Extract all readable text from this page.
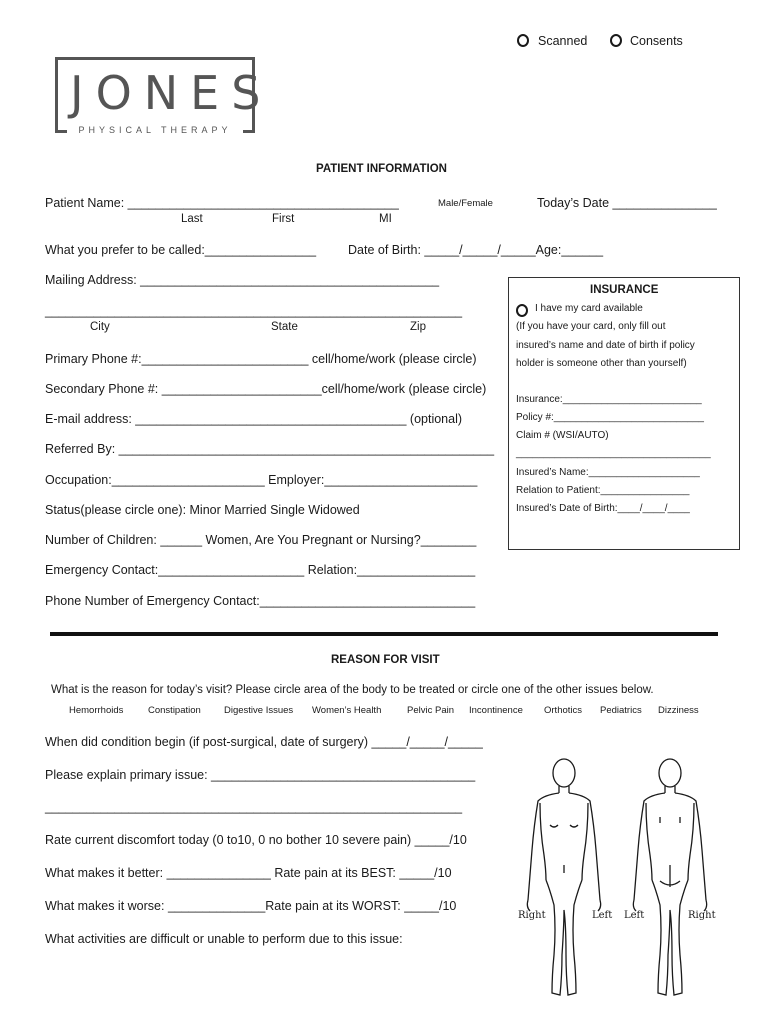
Scanned	Consents
JONES
PHYSICAL THERAPY
PATIENT INFORMATION
Patient Name: _______________________________________	Male/Female	Today’s Date _______________
Last	First	MI
What you prefer to be called:________________	Date of Birth: _____/_____/_____Age:______
Mailing Address: ___________________________________________
____________________________________________________________
City	State	Zip
Primary Phone #:________________________ cell/home/work (please circle)
Secondary Phone #: _______________________cell/home/work (please circle)
E-mail address: _______________________________________ (optional)
Referred By: ______________________________________________________
Occupation:______________________ Employer:______________________
Status(please circle one): Minor Married Single Widowed
Number of Children: ______ Women, Are You Pregnant or Nursing?________
Emergency Contact:_____________________ Relation:_________________
Phone Number of Emergency Contact:_______________________________
INSURANCE
I have my card available
(If you have your card, only fill out
insured’s name and date of birth if policy
holder is someone other than yourself)
Insurance:_________________________
Policy #:___________________________
Claim # (WSI/AUTO)
___________________________________
Insured’s Name:____________________
Relation to Patient:________________
Insured’s Date of Birth:____/____/____
REASON FOR VISIT
What is the reason for today’s visit? Please circle area of the body to be treated or circle one of the other issues below.
Hemorrhoids	Constipation Digestive Issues Women’s Health	Pelvic Pain Incontinence Orthotics Pediatrics Dizziness
When did condition begin (if post-surgical, date of surgery) _____/_____/_____
Please explain primary issue: ______________________________________
____________________________________________________________
Rate current discomfort today (0 to10, 0 no bother 10 severe pain) _____/10
What makes it better: _______________ Rate pain at its BEST: _____/10
What makes it worse: ______________Rate pain at its WORST: _____/10
What activities are difficult or unable to perform due to this issue:
Right	Left Left	Right
